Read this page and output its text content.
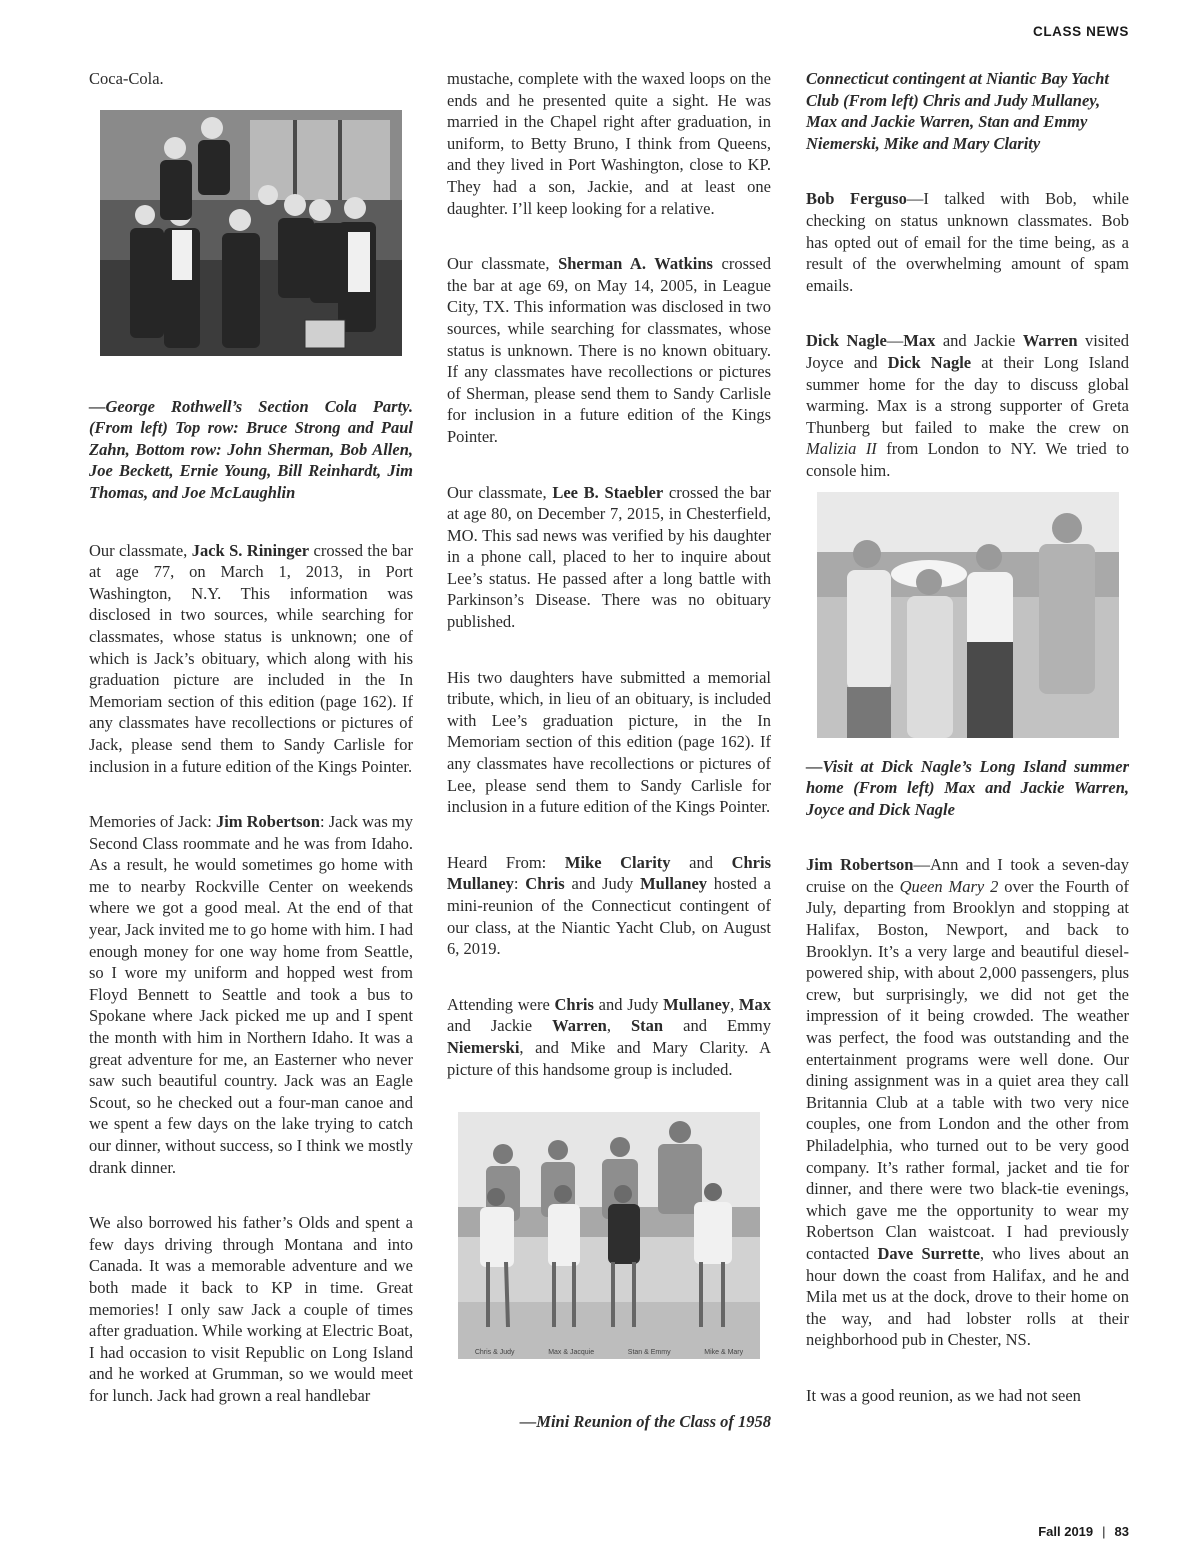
CLASS NEWS

Coca-Cola.

—George Rothwell’s Section Cola Party. (From left) Top row: Bruce Strong and Paul Zahn, Bottom row: John Sherman, Bob Allen, Joe Beckett, Ernie Young, Bill Reinhardt, Jim Thomas, and Joe McLaughlin

Our classmate, Jack S. Rininger crossed the bar at age 77, on March 1, 2013, in Port Washington, N.Y. This information was disclosed in two sources, while searching for classmates, whose status is unknown; one of which is Jack’s obituary, which along with his graduation picture are included in the In Memoriam section of this edition (page 162). If any classmates have recollections or pictures of Jack, please send them to Sandy Carlisle for inclusion in a future edition of the Kings Pointer.

Memories of Jack: Jim Robertson: Jack was my Second Class roommate and he was from Idaho. As a result, he would sometimes go home with me to nearby Rockville Center on weekends where we got a good meal. At the end of that year, Jack invited me to go home with him. I had enough money for one way home from Seattle, so I wore my uniform and hopped west from Floyd Bennett to Seattle and took a bus to Spokane where Jack picked me up and I spent the month with him in Northern Idaho. It was a great adventure for me, an Easterner who never saw such beautiful country. Jack was an Eagle Scout, so he checked out a four-man canoe and we spent a few days on the lake trying to catch our dinner, without success, so I think we mostly drank dinner.

We also borrowed his father’s Olds and spent a few days driving through Montana and into Canada. It was a memorable adventure and we both made it back to KP in time. Great memories! I only saw Jack a couple of times after graduation. While working at Electric Boat, I had occasion to visit Republic on Long Island and he worked at Grumman, so we would meet for lunch. Jack had grown a real handlebar

mustache, complete with the waxed loops on the ends and he presented quite a sight. He was married in the Chapel right after graduation, in uniform, to Betty Bruno, I think from Queens, and they lived in Port Washington, close to KP. They had a son, Jackie, and at least one daughter. I’ll keep looking for a relative.

Our classmate, Sherman A. Watkins crossed the bar at age 69, on May 14, 2005, in League City, TX. This information was disclosed in two sources, while searching for classmates, whose status is unknown. There is no known obituary. If any classmates have recollections or pictures of Sherman, please send them to Sandy Carlisle for inclusion in a future edition of the Kings Pointer.

Our classmate, Lee B. Staebler crossed the bar at age 80, on December 7, 2015, in Chesterfield, MO. This sad news was verified by his daughter in a phone call, placed to her to inquire about Lee’s status. He passed after a long battle with Parkinson’s Disease. There was no obituary published.

His two daughters have submitted a memorial tribute, which, in lieu of an obituary, is included with Lee’s graduation picture, in the In Memoriam section of this edition (page 162). If any classmates have recollections or pictures of Lee, please send them to Sandy Carlisle for inclusion in a future edition of the Kings Pointer.

Heard From: Mike Clarity and Chris Mullaney: Chris and Judy Mullaney hosted a mini-reunion of the Connecticut contingent of our class, at the Niantic Yacht Club, on August 6, 2019.

Attending were Chris and Judy Mullaney, Max and Jackie Warren, Stan and Emmy Niemerski, and Mike and Mary Clarity. A picture of this handsome group is included.

Chris & Judy	Max & Jacquie	Stan & Emmy	Mike & Mary
—Mini Reunion of the Class of 1958
Connecticut contingent at Niantic Bay Yacht Club (From left) Chris and Judy Mullaney, Max and Jackie Warren, Stan and Emmy Niemerski, Mike and Mary Clarity

Bob Ferguso—I talked with Bob, while checking on status unknown classmates. Bob has opted out of email for the time being, as a result of the overwhelming amount of spam emails.

Dick Nagle—Max and Jackie Warren visited Joyce and Dick Nagle at their Long Island summer home for the day to discuss global warming. Max is a strong supporter of Greta Thunberg but failed to make the crew on Malizia II from London to NY. We tried to console him.

—Visit at Dick Nagle’s Long Island summer home (From left) Max and Jackie Warren, Joyce and Dick Nagle

Jim Robertson—Ann and I took a seven-day cruise on the Queen Mary 2 over the Fourth of July, departing from Brooklyn and stopping at Halifax, Boston, Newport, and back to Brooklyn. It’s a very large and beautiful diesel-powered ship, with about 2,000 passengers, plus crew, but surprisingly, we did not get the impression of it being crowded. The weather was perfect, the food was outstanding and the entertainment programs were well done. Our dining assignment was in a quiet area they call Britannia Club at a table with two very nice couples, one from London and the other from Philadelphia, who turned out to be very good company. It’s rather formal, jacket and tie for dinner, and there were two black-tie evenings, which gave me the opportunity to wear my Robertson Clan waistcoat. I had previously contacted Dave Surrette, who lives about an hour down the coast from Halifax, and he and Mila met us at the dock, drove to their home on the way, and had lobster rolls at their neighborhood pub in Chester, NS.

It was a good reunion, as we had not seen

Fall 2019 | 83
